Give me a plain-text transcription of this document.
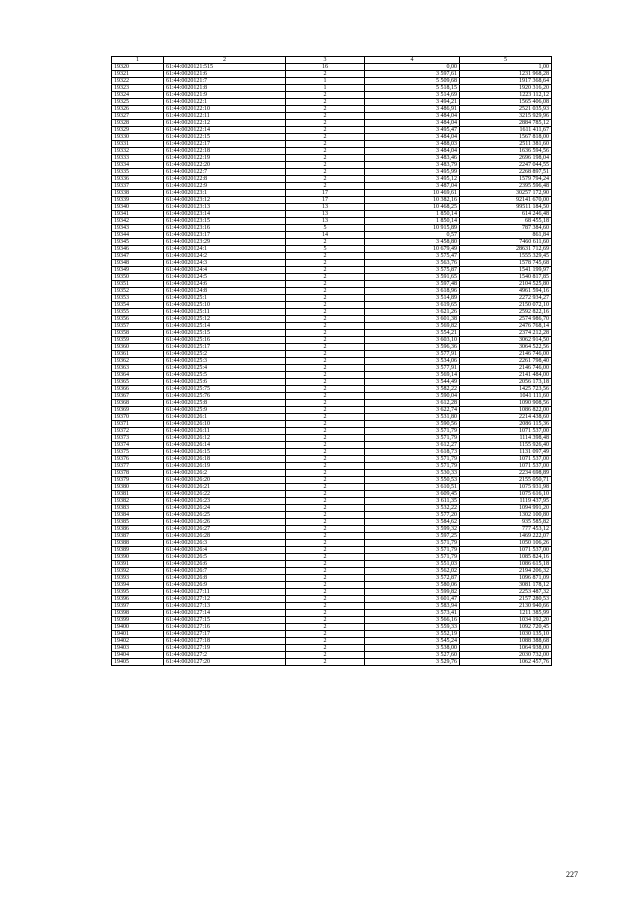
1	2	3	4	5
19320	61:44:0020121:515	16	0,00	1,00
19321	61:44:0020121:6	2	3 597,61	1231 968,28
19322	61:44:0020121:7	1	5 509,68	1917 368,64
19323	61:44:0020121:8	1	5 518,15	1920 316,20
19324	61:44:0020121:9	2	3 514,69	1223 112,12
19325	61:44:0020122:1	2	3 494,21	1565 406,08
19326	61:44:0020122:10	2	3 486,91	2521 035,93
19327	61:44:0020122:11	2	3 484,04	3215 929,96
19328	61:44:0020122:12	2	3 484,04	2884 785,12
19329	61:44:0020122:14	2	3 495,47	1611 411,67
19330	61:44:0020122:15	2	3 484,04	1567 818,00
19331	61:44:0020122:17	2	3 488,03	2511 381,60
19332	61:44:0020122:18	2	3 484,04	1636 594,56
19333	61:44:0020122:19	2	3 483,46	2696 198,04
19334	61:44:0020122:20	2	3 483,79	2247 044,55
19335	61:44:0020122:7	2	3 495,99	2268 897,51
19336	61:44:0020122:8	2	3 495,12	1579 794,24
19337	61:44:0020122:9	2	3 487,04	2395 596,48
19338	61:44:0020123:1	17	10 469,61	30257 172,90
19339	61:44:0020123:12	17	10 382,16	92141 670,00
19340	61:44:0020123:13	13	10 468,25	99511 184,50
19341	61:44:0020123:14	13	1 850,14	614 246,48
19342	61:44:0020123:15	13	1 850,14	68 455,18
19343	61:44:0020123:16	5	10 915,89	787 384,60
19344	61:44:0020123:17	14	0,57	861,84
19345	61:44:0020123:29	2	3 458,80	7460 611,60
19346	61:44:0020124:1	5	10 679,49	28631 712,69
19347	61:44:0020124:2	2	3 575,47	1555 329,45
19348	61:44:0020124:3	2	3 563,76	1578 745,68
19349	61:44:0020124:4	2	3 575,87	1541 199,97
19350	61:44:0020124:5	2	3 591,65	1540 817,85
19351	61:44:0020124:6	2	3 597,48	2104 525,80
19352	61:44:0020124:8	2	3 618,96	4961 594,16
19353	61:44:0020125:1	2	3 514,89	2272 934,27
19354	61:44:0020125:10	2	3 619,65	2150 072,10
19355	61:44:0020125:11	2	3 621,26	2592 822,16
19356	61:44:0020125:12	2	3 601,38	2574 986,70
19357	61:44:0020125:14	2	3 569,82	2476 768,14
19358	61:44:0020125:15	2	3 554,21	2374 212,28
19359	61:44:0020125:16	2	3 603,10	3062 914,50
19360	61:44:0020125:17	2	3 596,36	3064 522,56
19361	61:44:0020125:2	2	3 577,91	2146 746,00
19362	61:44:0020125:3	2	3 534,06	2261 798,40
19363	61:44:0020125:4	2	3 577,91	2146 746,00
19364	61:44:0020125:5	2	3 569,14	2141 484,00
19365	61:44:0020125:6	2	3 544,49	2056 173,18
19366	61:44:0020125:75	2	3 582,22	1425 723,56
19367	61:44:0020125:76	2	3 590,04	1041 111,60
19368	61:44:0020125:8	2	3 612,28	1090 908,56
19369	61:44:0020125:9	2	3 622,74	1086 822,00
19370	61:44:0020126:1	2	3 531,80	2214 438,60
19371	61:44:0020126:10	2	3 590,56	2086 115,36
19372	61:44:0020126:11	2	3 571,79	1071 537,00
19373	61:44:0020126:12	2	3 571,79	1114 398,48
19374	61:44:0020126:14	2	3 612,27	1155 926,40
19375	61:44:0020126:15	2	3 618,73	1131 097,49
19376	61:44:0020126:18	2	3 571,79	1071 537,00
19377	61:44:0020126:19	2	3 571,79	1071 537,00
19378	61:44:0020126:2	2	3 530,33	2234 698,89
19379	61:44:0020126:20	2	3 550,53	2155 050,71
19380	61:44:0020126:21	2	3 610,51	1075 931,98
19381	61:44:0020126:22	2	3 609,45	1075 616,10
19382	61:44:0020126:23	2	3 611,35	1119 437,95
19383	61:44:0020126:24	2	3 532,22	1094 991,20
19384	61:44:0020126:25	2	3 577,20	1302 100,80
19385	61:44:0020126:26	2	3 584,62	935 585,82
19386	61:44:0020126:27	2	3 599,32	777 453,12
19387	61:44:0020126:28	2	3 597,25	1469 222,07
19388	61:44:0020126:3	2	3 571,79	1050 106,26
19389	61:44:0020126:4	2	3 571,79	1071 537,00
19390	61:44:0020126:5	2	3 571,79	1085 824,16
19391	61:44:0020126:6	2	3 551,03	1086 615,18
19392	61:44:0020126:7	2	3 562,02	2194 206,32
19393	61:44:0020126:8	2	3 572,87	1096 871,09
19394	61:44:0020126:9	2	3 580,06	3081 178,12
19395	61:44:0020127:11	2	3 599,82	2253 487,32
19396	61:44:0020127:12	2	3 601,47	2157 280,53
19397	61:44:0020127:13	2	3 583,94	2130 940,66
19398	61:44:0020127:14	2	3 573,41	1211 385,99
19399	61:44:0020127:15	2	3 566,16	1034 192,20
19400	61:44:0020127:16	2	3 559,33	1092 720,45
19401	61:44:0020127:17	2	3 552,19	1030 135,10
19402	61:44:0020127:18	2	3 545,24	1088 388,68
19403	61:44:0020127:19	2	3 538,00	1064 938,00
19404	61:44:0020127:2	2	3 527,60	2030 732,00
19405	61:44:0020127:20	2	3 529,76	1062 457,76
227
